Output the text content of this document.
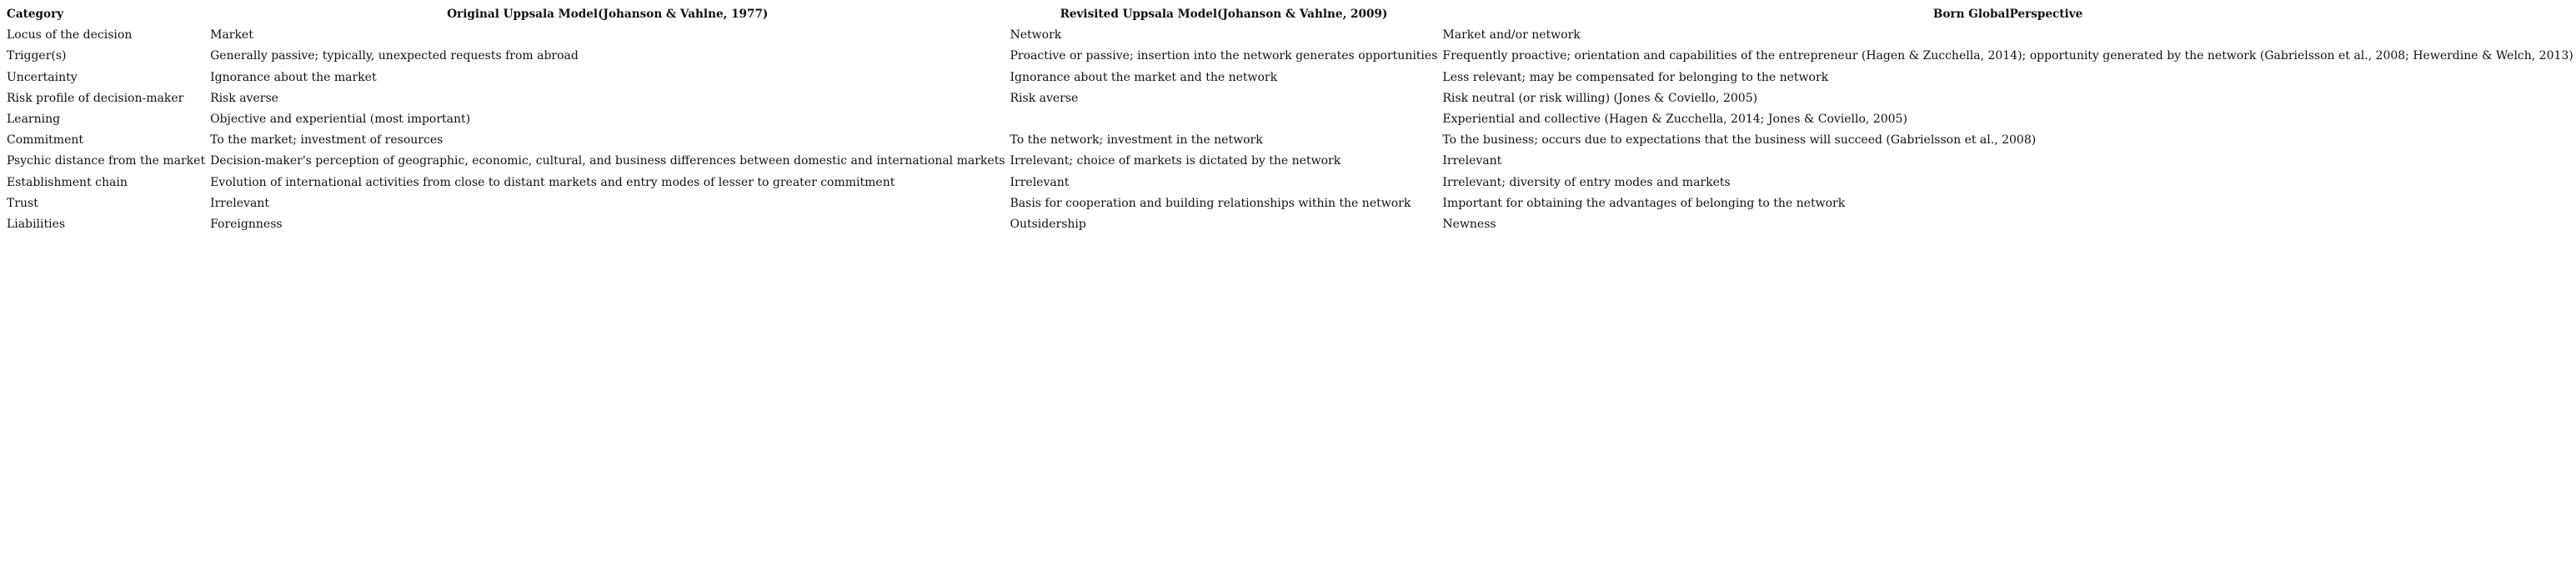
Category	Original Uppsala Model(Johanson & Vahlne, 1977)	Revisited Uppsala Model(Johanson & Vahlne, 2009)	Born GlobalPerspective
Locus of the decision	Market	Network	Market and/or network
Trigger(s)	Generally passive; typically, unexpected requests from abroad	Proactive or passive; insertion into the network generates opportunities	Frequently proactive; orientation and capabilities of the entrepreneur (Hagen & Zucchella, 2014); opportunity generated by the network (Gabrielsson et al., 2008; Hewerdine & Welch, 2013)
Uncertainty	Ignorance about the market	Ignorance about the market and the network	Less relevant; may be compensated for belonging to the network
Risk profile of decision-maker	Risk averse	Risk averse	Risk neutral (or risk willing) (Jones & Coviello, 2005)
Learning	Objective and experiential (most important)		Experiential and collective (Hagen & Zucchella, 2014; Jones & Coviello, 2005)
Commitment	To the market; investment of resources	To the network; investment in the network	To the business; occurs due to expectations that the business will succeed (Gabrielsson et al., 2008)
Psychic distance from the market	Decision-maker's perception of geographic, economic, cultural, and business differences between domestic and international markets	Irrelevant; choice of markets is dictated by the network	Irrelevant
Establishment chain	Evolution of international activities from close to distant markets and entry modes of lesser to greater commitment	Irrelevant	Irrelevant; diversity of entry modes and markets
Trust	Irrelevant	Basis for cooperation and building relationships within the network	Important for obtaining the advantages of belonging to the network
Liabilities	Foreignness	Outsidership	Newness
